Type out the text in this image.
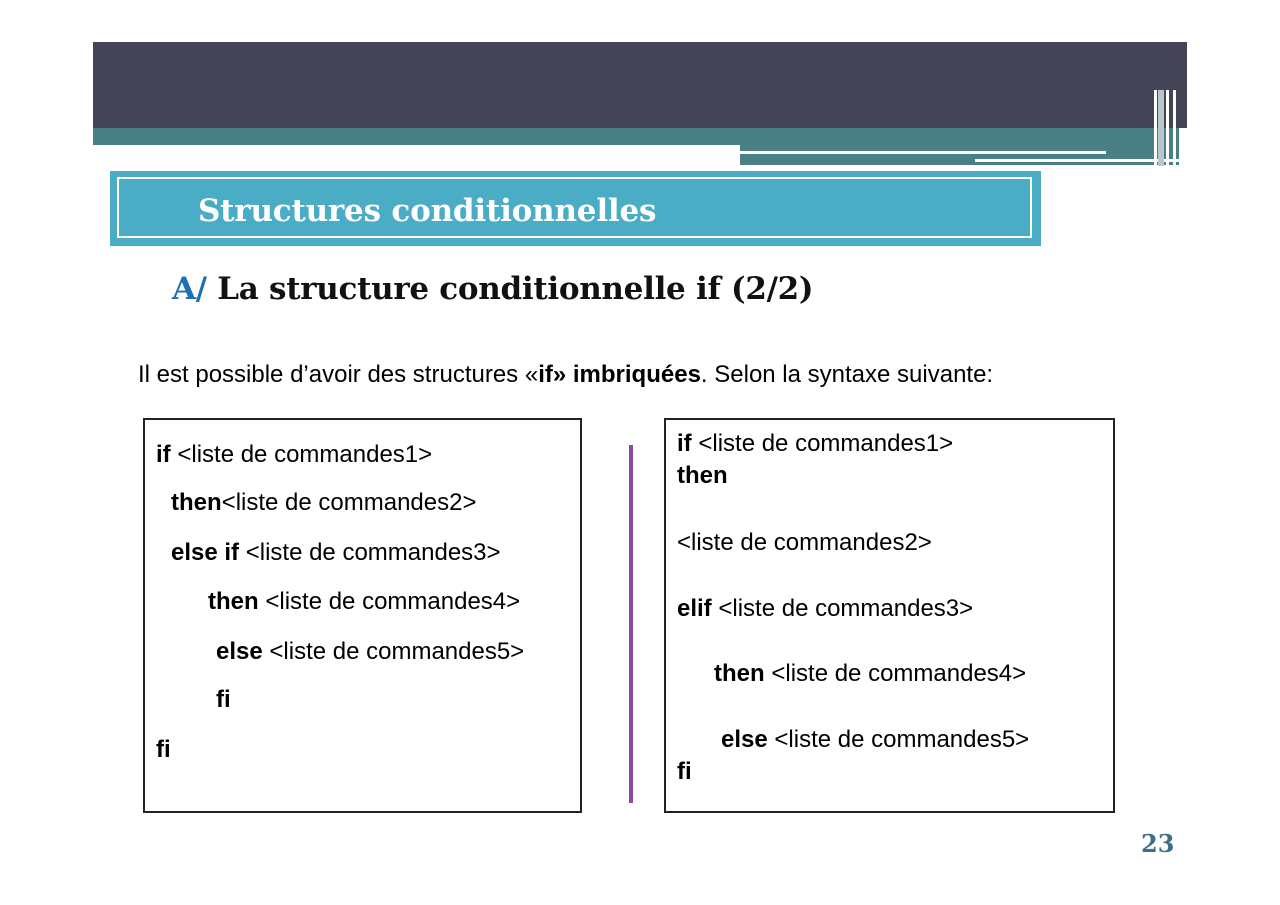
Structures conditionnelles
A/ La structure conditionnelle if (2/2)
Il est possible d’avoir des structures «if» imbriquées. Selon la syntaxe suivante:
if <liste de commandes1>
then<liste de commandes2>
else if <liste de commandes3>
then <liste de commandes4>
else <liste de commandes5>
fi
fi
if <liste de commandes1>
then
<liste de commandes2>
elif <liste de commandes3>
then <liste de commandes4>
else <liste de commandes5>
fi
23
